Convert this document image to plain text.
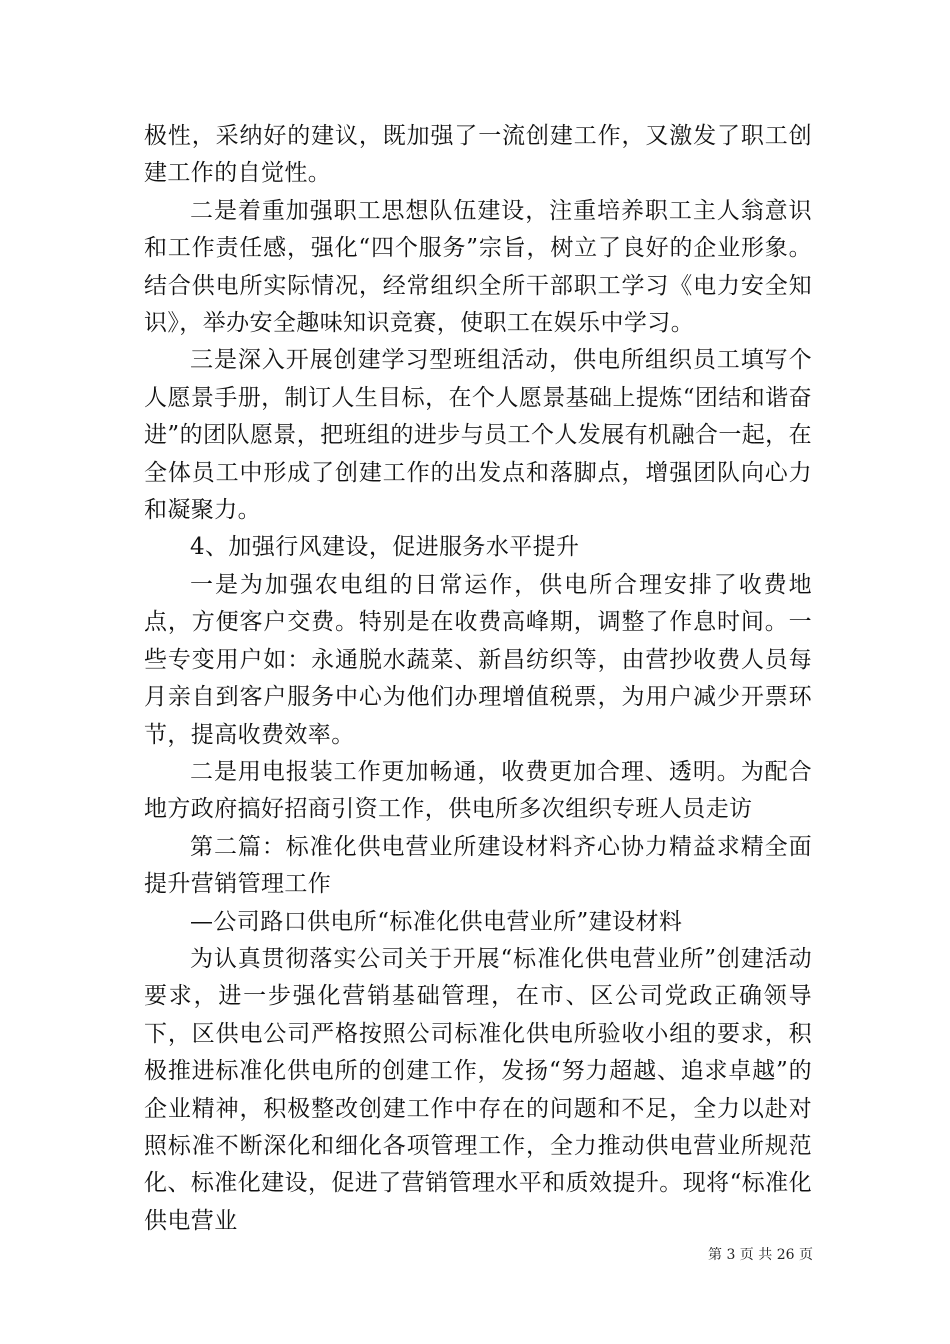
极性，采纳好的建议，既加强了一流创建工作，又激发了职工创建工作的自觉性。

二是着重加强职工思想队伍建设，注重培养职工主人翁意识和工作责任感，强化“四个服务”宗旨，树立了良好的企业形象。结合供电所实际情况，经常组织全所干部职工学习《电力安全知识》，举办安全趣味知识竞赛，使职工在娱乐中学习。

三是深入开展创建学习型班组活动，供电所组织员工填写个人愿景手册，制订人生目标，在个人愿景基础上提炼“团结和谐奋进”的团队愿景，把班组的进步与员工个人发展有机融合一起，在全体员工中形成了创建工作的出发点和落脚点，增强团队向心力和凝聚力。

4、加强行风建设，促进服务水平提升

一是为加强农电组的日常运作，供电所合理安排了收费地点，方便客户交费。特别是在收费高峰期，调整了作息时间。一些专变用户如：永通脱水蔬菜、新昌纺织等，由营抄收费人员每月亲自到客户服务中心为他们办理增值税票，为用户减少开票环节，提高收费效率。

二是用电报装工作更加畅通，收费更加合理、透明。为配合地方政府搞好招商引资工作，供电所多次组织专班人员走访

第二篇：标准化供电营业所建设材料齐心协力精益求精全面提升营销管理工作

—公司路口供电所“标准化供电营业所”建设材料

为认真贯彻落实公司关于开展“标准化供电营业所”创建活动要求，进一步强化营销基础管理，在市、区公司党政正确领导下，区供电公司严格按照公司标准化供电所验收小组的要求，积极推进标准化供电所的创建工作，发扬“努力超越、追求卓越”的企业精神，积极整改创建工作中存在的问题和不足，全力以赴对照标准不断深化和细化各项管理工作，全力推动供电营业所规范化、标准化建设，促进了营销管理水平和质效提升。现将“标准化供电营业

第 3 页 共 26 页
